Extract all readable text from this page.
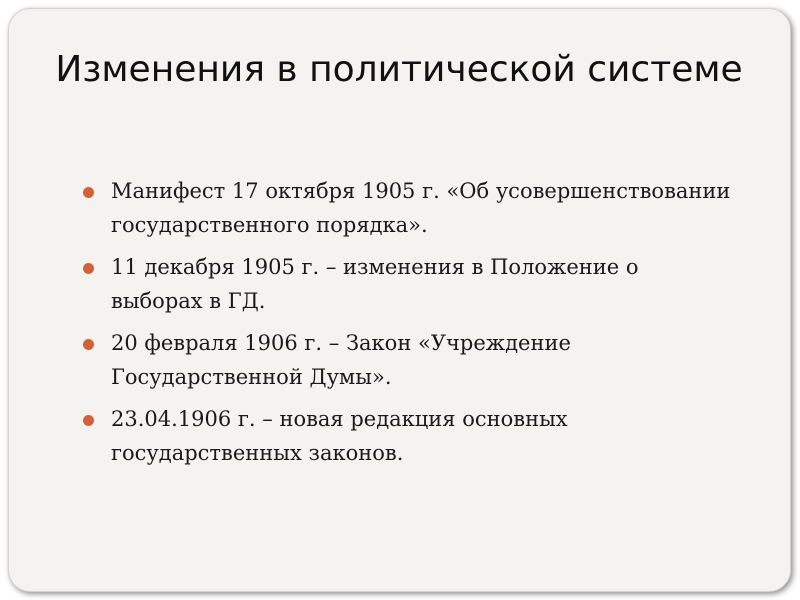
Изменения в политической системе
Манифест 17 октября 1905 г. «Об усовершенствовании государственного порядка».
11 декабря 1905 г. – изменения в Положение о выборах в ГД.
20 февраля 1906 г. – Закон «Учреждение Государственной Думы».
23.04.1906 г. – новая редакция основных государственных законов.
